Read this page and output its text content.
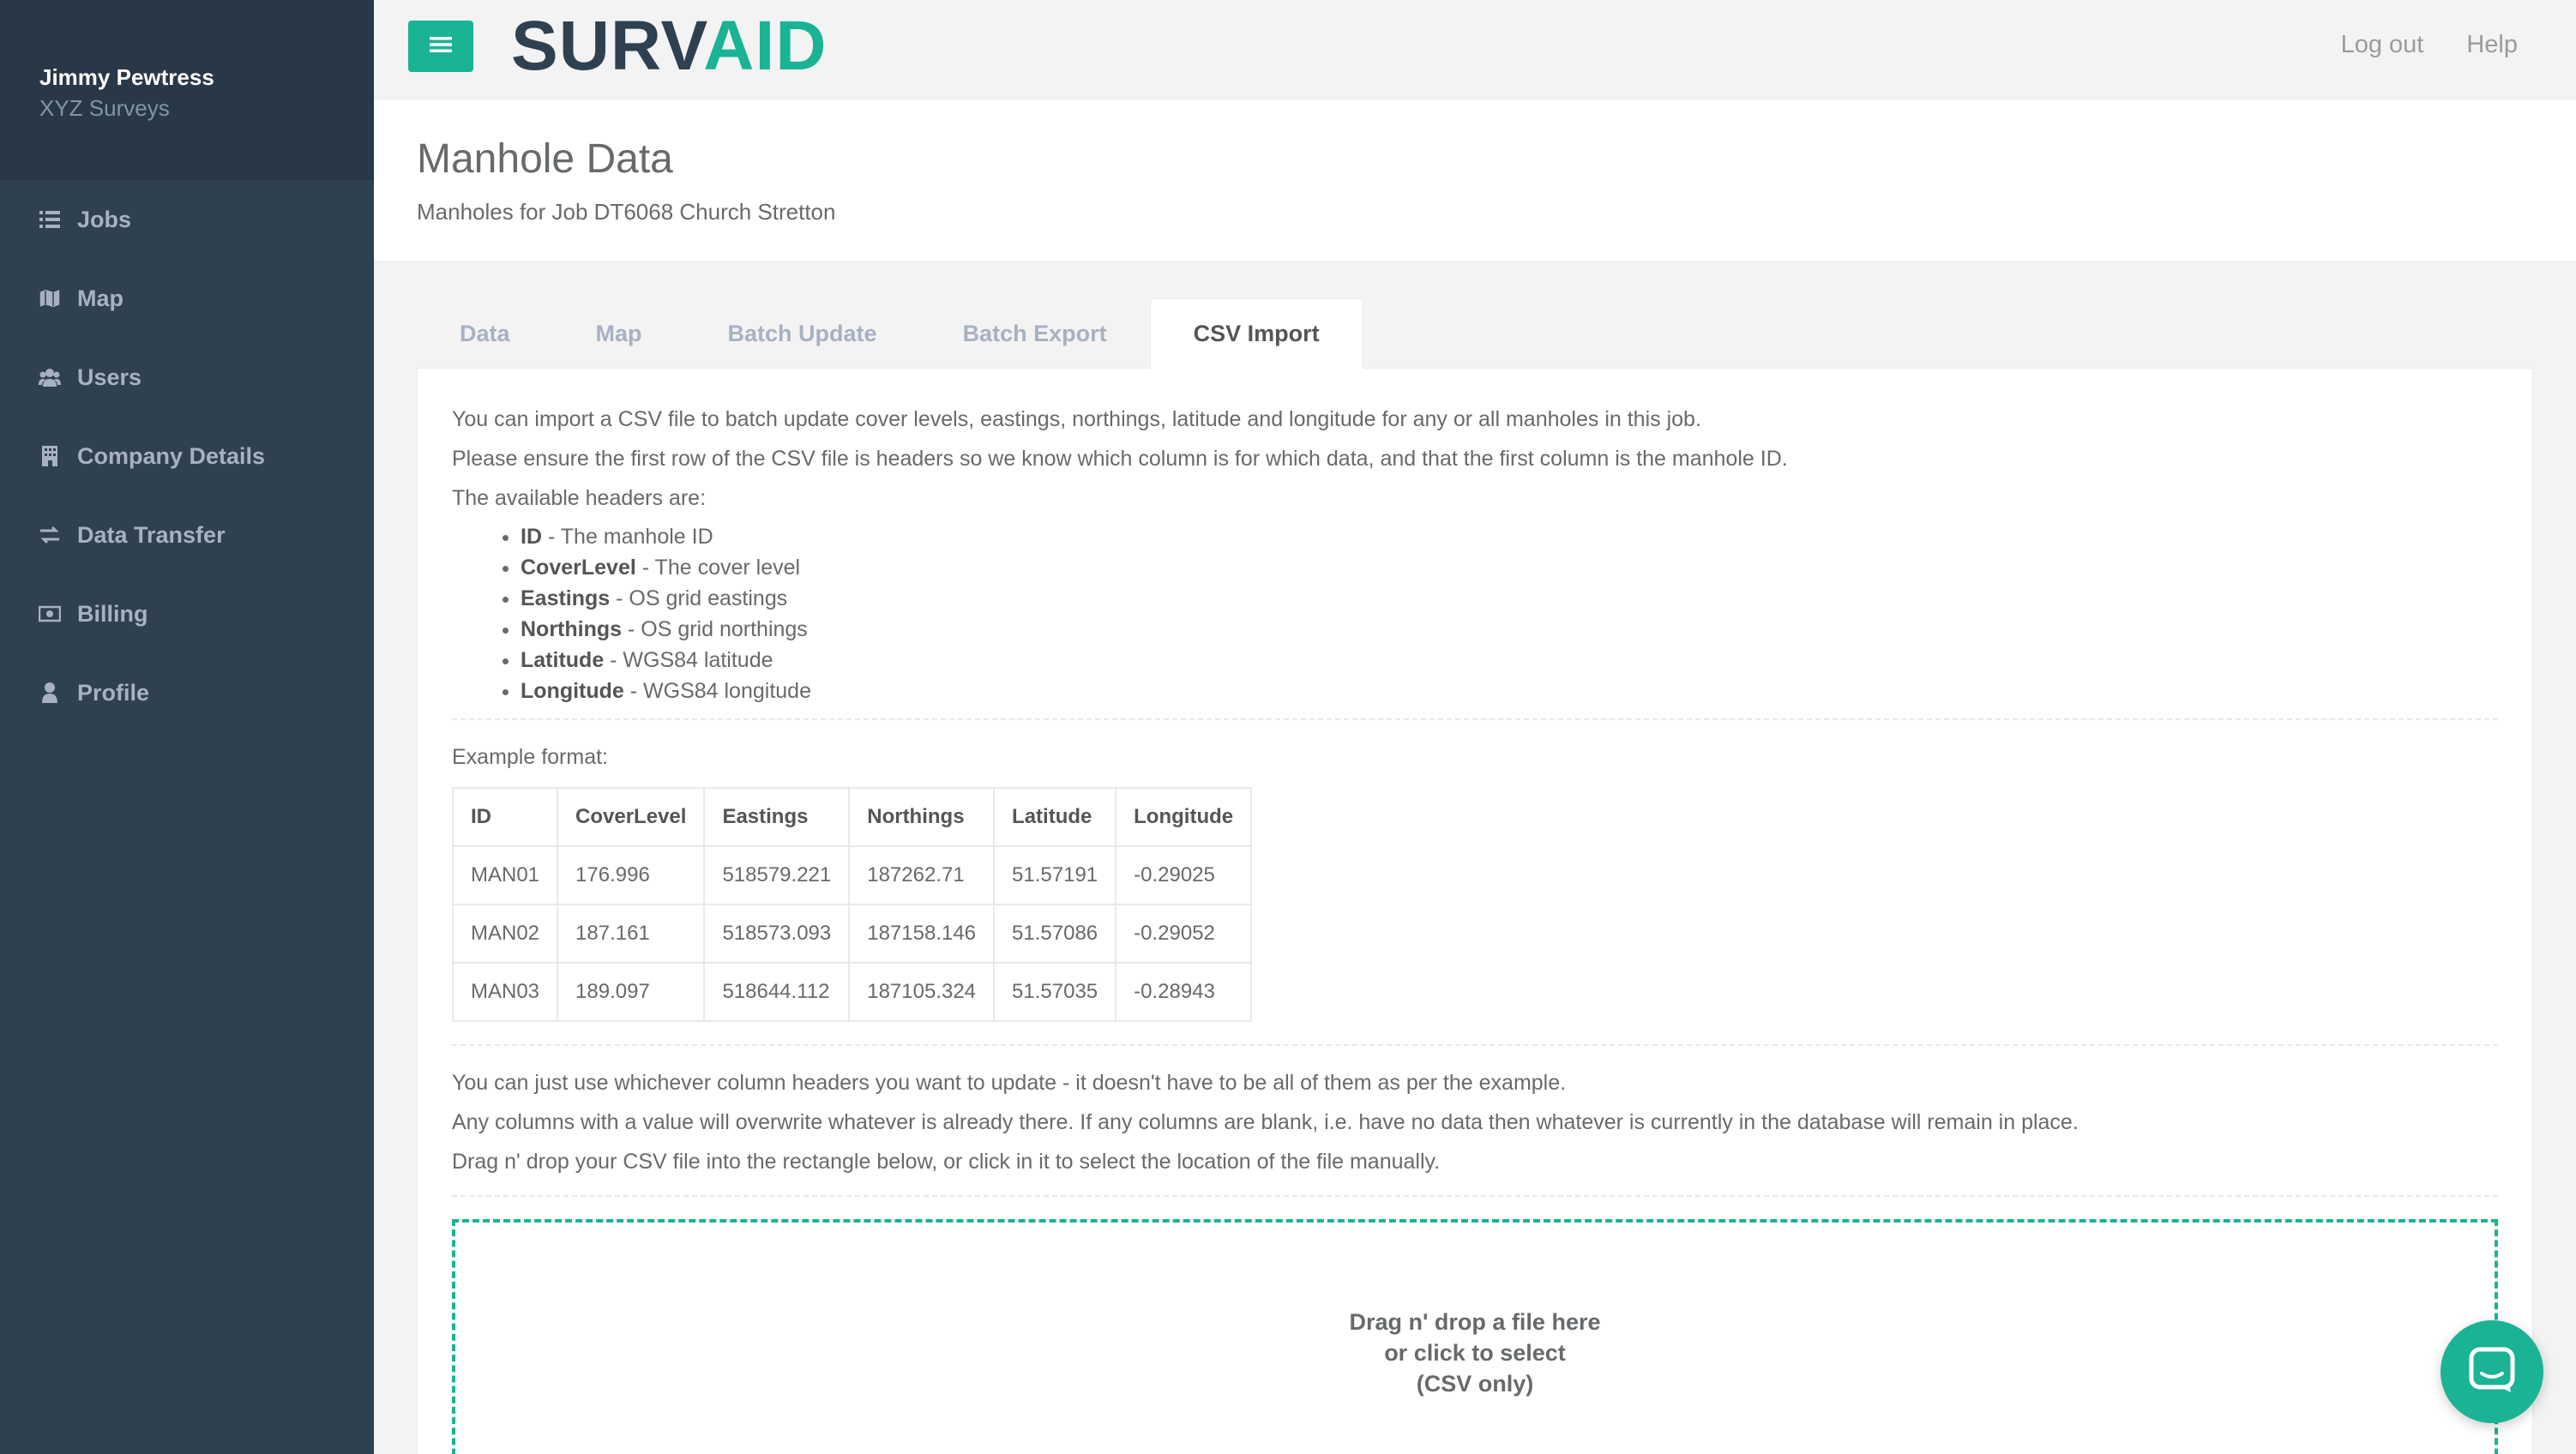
Jimmy Pewtress
XYZ Surveys
Jobs
Map
Users
Company Details
Data Transfer
Billing
Profile
SURVAID	Log out Help
Manhole Data
Manholes for Job DT6068 Church Stretton
Data	Map	Batch Update	Batch Export	CSV Import

You can import a CSV file to batch update cover levels, eastings, northings, latitude and longitude for any or all manholes in this job.

Please ensure the first row of the CSV file is headers so we know which column is for which data, and that the first column is the manhole ID.

The available headers are:

• ID - The manhole ID
• CoverLevel - The cover level
• Eastings - OS grid eastings
• Northings - OS grid northings
• Latitude - WGS84 latitude
• Longitude - WGS84 longitude

Example format:

ID	CoverLevel	Eastings	Northings	Latitude	Longitude
MAN01	176.996	518579.221	187262.71	51.57191	-0.29025
MAN02	187.161	518573.093	187158.146	51.57086	-0.29052
MAN03	189.097	518644.112	187105.324	51.57035	-0.28943

You can just use whichever column headers you want to update - it doesn't have to be all of them as per the example.

Any columns with a value will overwrite whatever is already there. If any columns are blank, i.e. have no data then whatever is currently in the database will remain in place.

Drag n' drop your CSV file into the rectangle below, or click in it to select the location of the file manually.

Drag n' drop a file here
or click to select
(CSV only)
